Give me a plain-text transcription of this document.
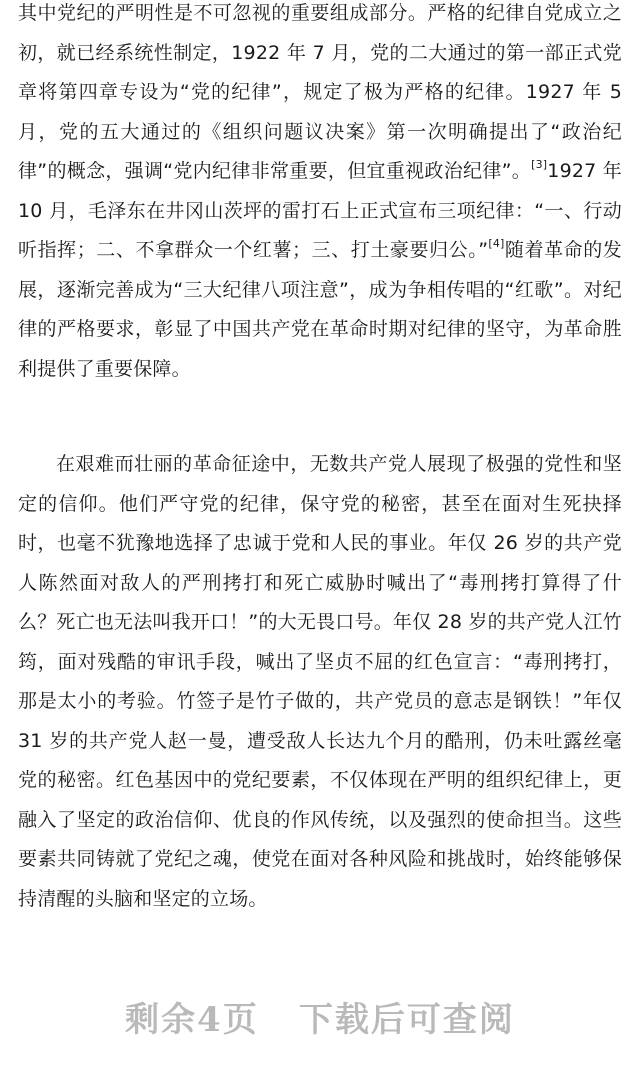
其中党纪的严明性是不可忽视的重要组成部分。严格的纪律自党成立之初，就已经系统性制定，1922 年 7 月，党的二大通过的第一部正式党章将第四章专设为“党的纪律”，规定了极为严格的纪律。1927 年 5 月，党的五大通过的《组织问题议决案》第一次明确提出了“政治纪律”的概念，强调“党内纪律非常重要，但宜重视政治纪律”。[3]1927 年 10 月，毛泽东在井冈山茨坪的雷打石上正式宣布三项纪律：“一、行动听指挥；二、不拿群众一个红薯；三、打土豪要归公。”[4]随着革命的发展，逐渐完善成为“三大纪律八项注意”，成为争相传唱的“红歌”。对纪律的严格要求，彰显了中国共产党在革命时期对纪律的坚守，为革命胜利提供了重要保障。

在艰难而壮丽的革命征途中，无数共产党人展现了极强的党性和坚定的信仰。他们严守党的纪律，保守党的秘密，甚至在面对生死抉择时，也毫不犹豫地选择了忠诚于党和人民的事业。年仅 26 岁的共产党人陈然面对敌人的严刑拷打和死亡威胁时喊出了“毒刑拷打算得了什么？死亡也无法叫我开口！”的大无畏口号。年仅 28 岁的共产党人江竹筠，面对残酷的审讯手段，喊出了坚贞不屈的红色宣言：“毒刑拷打，那是太小的考验。竹签子是竹子做的，共产党员的意志是钢铁！”年仅 31 岁的共产党人赵一曼，遭受敌人长达九个月的酷刑，仍未吐露丝毫党的秘密。红色基因中的党纪要素，不仅体现在严明的组织纪律上，更融入了坚定的政治信仰、优良的作风传统，以及强烈的使命担当。这些要素共同铸就了党纪之魂，使党在面对各种风险和挑战时，始终能够保持清醒的头脑和坚定的立场。

剩余4页 下载后可查阅
